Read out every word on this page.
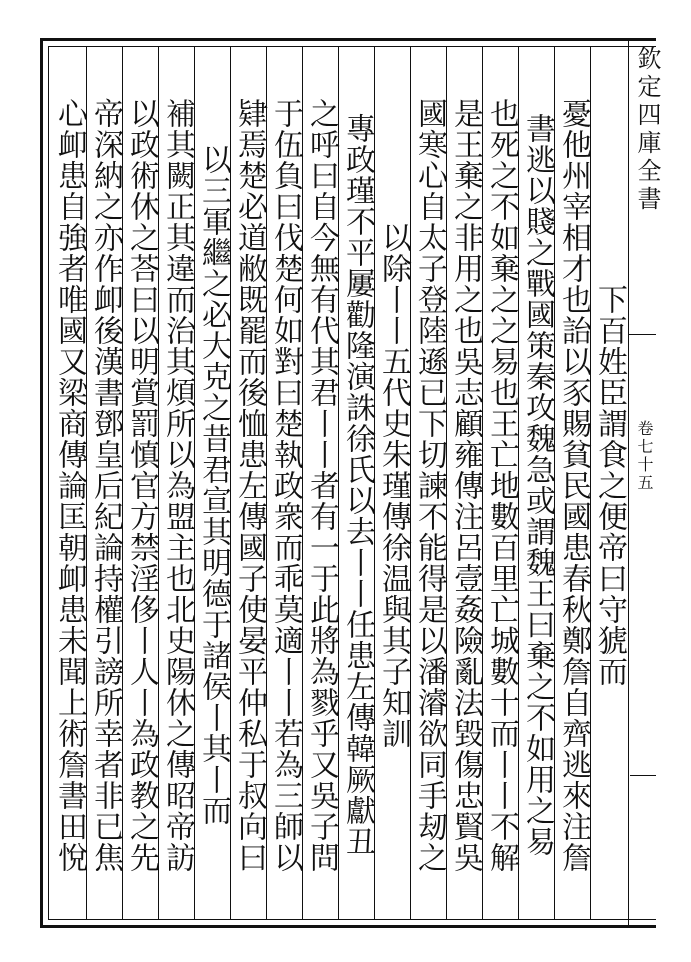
欽定四庫全書
卷七十五
下百姓臣謂食之便帝曰守猇而
憂他州宰相才也詒以豕賜貧民國患春秋鄭詹自齊逃來注詹
書逃以賤之戰國策秦攻魏急或謂魏王曰棄之不如用之易
也死之不如棄之之易也王亡地數百里亡城數十而丨丨不解
是王棄之非用之也吳志顧雍傳注呂壹姦險亂法毀傷忠賢吳
國寒心自太子登陸遜已下切諫不能得是以潘濬欲同手刼之
以除丨丨五代史朱瑾傳徐温與其子知訓
專政瑾不平屢勸隆演誅徐氏以去丨丨任患左傳韓厥獻丑
之呼曰自今無有代其君丨丨者有一于此將為戮乎又吳子問
于伍負曰伐楚何如對曰楚執政衆而乖莫適丨丨若為三師以
肄焉楚必道敝既罷而後恤患左傳國子使晏平仲私于叔向曰
以三軍繼之必大克之昔君宣其明德于諸侯丨其丨而
補其闕正其違而治其煩所以為盟主也北史陽休之傳昭帝訪
以政術休之荅曰以明賞罰慎官方禁淫侈丨人丨為政教之先
帝深納之亦作卹後漢書鄧皇后紀論持權引謗所幸者非已焦
心卹患自強者唯國又梁商傳論匡朝卹患未聞上術詹書田悅
